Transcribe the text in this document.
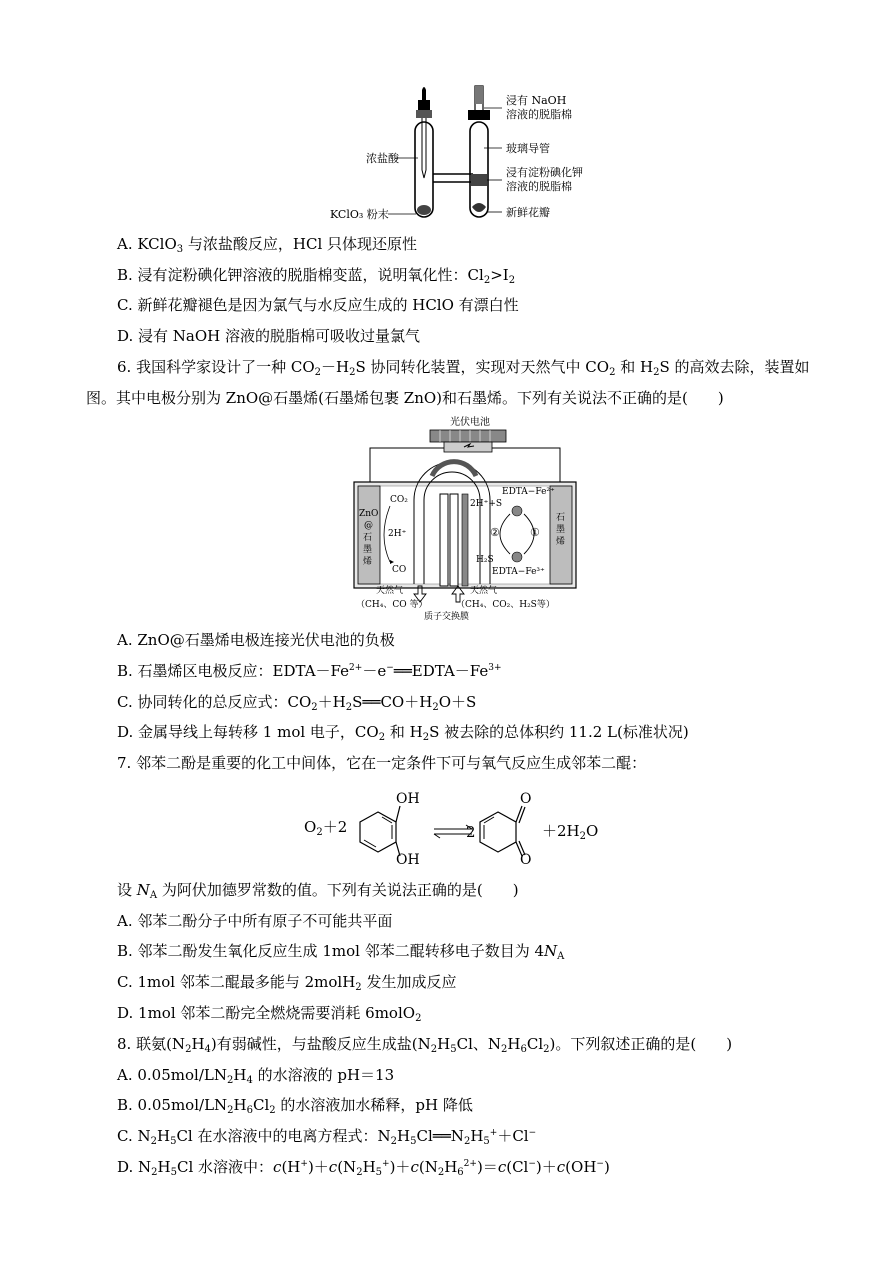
浸有 NaOH
溶液的脱脂棉
浓盐酸
玻璃导管
浸有淀粉碘化钾
溶液的脱脂棉
KClO₃ 粉末	新鲜花瓣
A. KClO$_3$ 与浓盐酸反应，HCl 只体现还原性
B. 浸有淀粉碘化钾溶液的脱脂棉变蓝，说明氧化性：$Cl_2>I_2$
C. 新鲜花瓣褪色是因为氯气与水反应生成的 HClO 有漂白性
D. 浸有 NaOH 溶液的脱脂棉可吸收过量氯气
6. 我国科学家设计了一种 $CO_2-H_2S$ 协同转化装置，实现对天然气中 $CO_2$ 和 $H_2S$ 的高效去除，装置如
图。其中电极分别为 ZnO@石墨烯(石墨烯包裹 ZnO)和石墨烯。下列有关说法不正确的是(　　)
光伏电池
ZnO
@
石
墨
烯
石
墨
烯
CO₂
2H⁺
CO
2H⁺+S
EDTA−Fe²⁺
②	①
H₂S
EDTA−Fe³⁺
天然气
（CH₄、CO 等）
天然气
（CH₄、CO₂、H₂S等）
质子交换膜
A. ZnO@石墨烯电极连接光伏电池的负极
B. 石墨烯区电极反应：$EDTA-Fe^{2+}-e^-══EDTA-Fe^{3+}$
C. 协同转化的总反应式：$CO_2+H_2S══CO+H_2O+S$
D. 金属导线上每转移 1 mol 电子，$CO_2$ 和 $H_2S$ 被去除的总体积约 11.2 L(标准状况)
7. 邻苯二酚是重要的化工中间体，它在一定条件下可与氧气反应生成邻苯二醌：
$O_2+2$
OH
OH
2
O
O
$+2H_2O$
设 $N_A$ 为阿伏加德罗常数的值。下列有关说法正确的是(　　)
A. 邻苯二酚分子中所有原子不可能共平面
B. 邻苯二酚发生氧化反应生成 1mol 邻苯二醌转移电子数目为 $4N_A$
C. 1mol 邻苯二醌最多能与 2molH$_2$ 发生加成反应
D. 1mol 邻苯二酚完全燃烧需要消耗 6molO$_2$
8. 联氨$(N_2H_4)$有弱碱性，与盐酸反应生成盐($N_2H_5Cl$、$N_2H_6Cl_2$)。下列叙述正确的是(　　)
A. $0.05mol/LN_2H_4$ 的水溶液的 pH＝13
B. $0.05mol/LN_2H_6Cl_2$ 的水溶液加水稀释，pH 降低
C. $N_2H_5Cl$ 在水溶液中的电离方程式：$N_2H_5Cl══N_2H_5^++Cl^-$
D. $N_2H_5Cl$ 水溶液中：$c(H^+)+c(N_2H_5^+)+c(N_2H_6^{2+})=c(Cl^-)+c(OH^-)$
